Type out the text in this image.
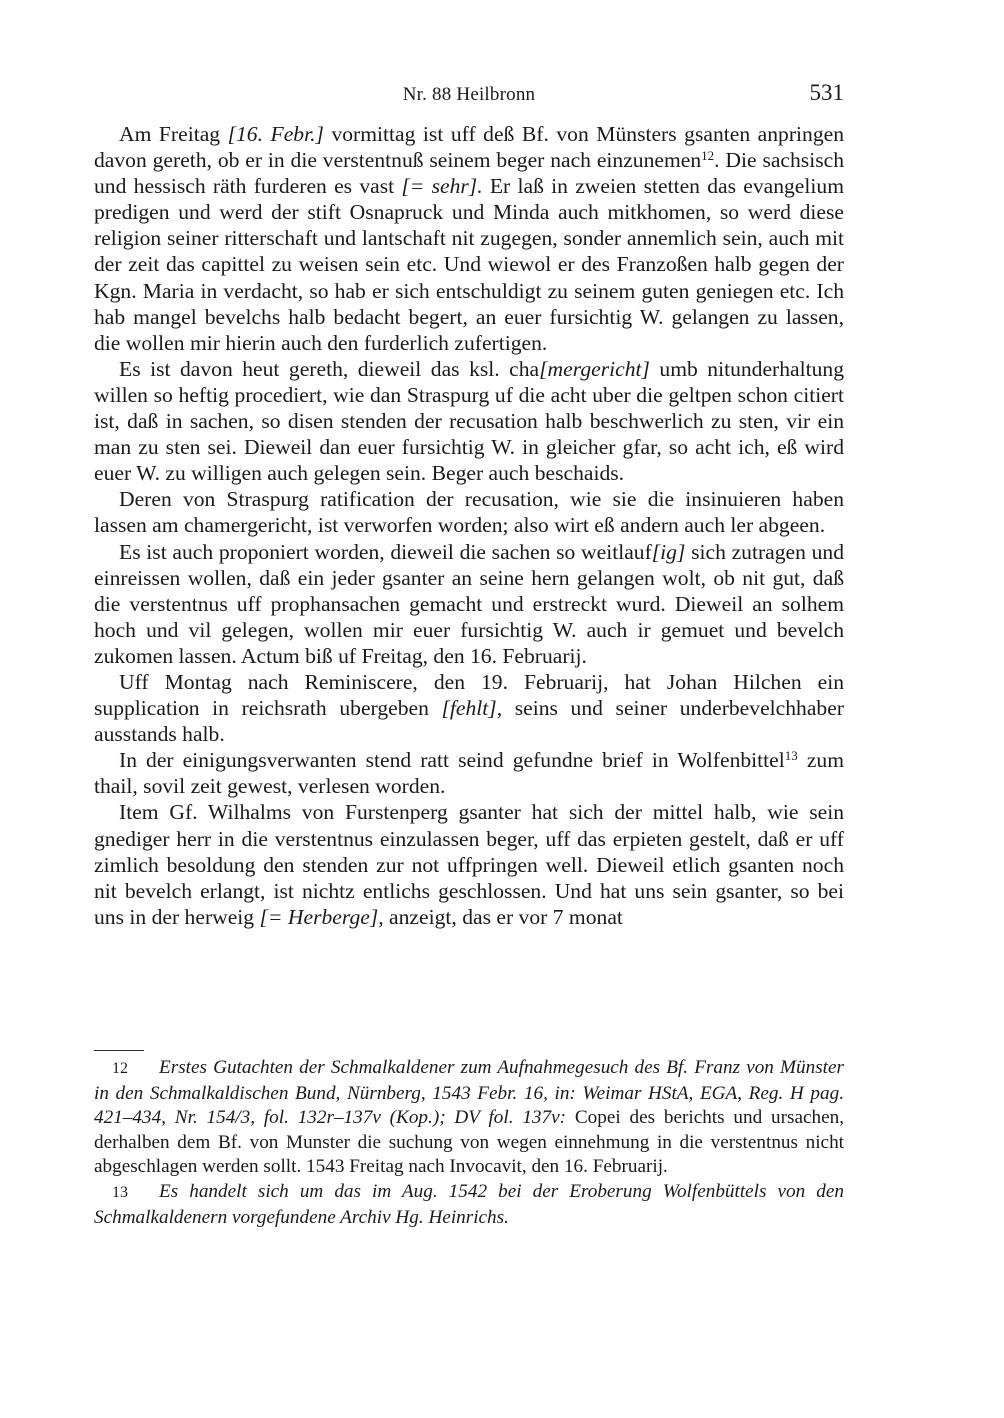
Nr. 88 Heilbronn	531

Am Freitag [16. Febr.] vormittag ist uff deß Bf. von Münsters gsanten anpringen davon gereth, ob er in die verstentnuß seinem beger nach einzunemen$^{12}$. Die sachsisch und hessisch räth furderen es vast [= sehr]. Er laß in zweien stetten das evangelium predigen und werd der stift Osnapruck und Minda auch mitkhomen, so werd diese religion seiner ritterschaft und lantschaft nit zugegen, sonder annemlich sein, auch mit der zeit das capittel zu weisen sein etc. Und wiewol er des Franzoßen halb gegen der Kgn. Maria in verdacht, so hab er sich entschuldigt zu seinem guten geniegen etc. Ich hab mangel bevelchs halb bedacht begert, an euer fursichtig W. gelangen zu lassen, die wollen mir hierin auch den furderlich zufertigen.

Es ist davon heut gereth, dieweil das ksl. cha[mergericht] umb nitunderhaltung willen so heftig procediert, wie dan Straspurg uf die acht uber die geltpen schon citiert ist, daß in sachen, so disen stenden der recusation halb beschwerlich zu sten, vir ein man zu sten sei. Dieweil dan euer fursichtig W. in gleicher gfar, so acht ich, eß wird euer W. zu willigen auch gelegen sein. Beger auch beschaids.

Deren von Straspurg ratification der recusation, wie sie die insinuieren haben lassen am chamergericht, ist verworfen worden; also wirt eß andern auch ler abgeen.

Es ist auch proponiert worden, dieweil die sachen so weitlauf[ig] sich zutragen und einreissen wollen, daß ein jeder gsanter an seine hern gelangen wolt, ob nit gut, daß die verstentnus uff prophansachen gemacht und erstreckt wurd. Dieweil an solhem hoch und vil gelegen, wollen mir euer fursichtig W. auch ir gemuet und bevelch zukomen lassen. Actum biß uf Freitag, den 16. Februarij.

Uff Montag nach Reminiscere, den 19. Februarij, hat Johan Hilchen ein supplication in reichsrath ubergeben [fehlt], seins und seiner underbevelchhaber ausstands halb.

In der einigungsverwanten stend ratt seind gefundne brief in Wolfenbittel$^{13}$ zum thail, sovil zeit gewest, verlesen worden.

Item Gf. Wilhalms von Furstenperg gsanter hat sich der mittel halb, wie sein gnediger herr in die verstentnus einzulassen beger, uff das erpieten gestelt, daß er uff zimlich besoldung den stenden zur not uffpringen well. Dieweil etlich gsanten noch nit bevelch erlangt, ist nichtz entlichs geschlossen. Und hat uns sein gsanter, so bei uns in der herweig [= Herberge], anzeigt, das er vor 7 monat

12 Erstes Gutachten der Schmalkaldener zum Aufnahmegesuch des Bf. Franz von Münster in den Schmalkaldischen Bund, Nürnberg, 1543 Febr. 16, in: Weimar HStA, EGA, Reg. H pag. 421–434, Nr. 154/3, fol. 132r–137v (Kop.); DV fol. 137v: Copei des berichts und ursachen, derhalben dem Bf. von Munster die suchung von wegen einnehmung in die verstentnus nicht abgeschlagen werden sollt. 1543 Freitag nach Invocavit, den 16. Februarij.

13 Es handelt sich um das im Aug. 1542 bei der Eroberung Wolfenbüttels von den Schmalkaldenern vorgefundene Archiv Hg. Heinrichs.
